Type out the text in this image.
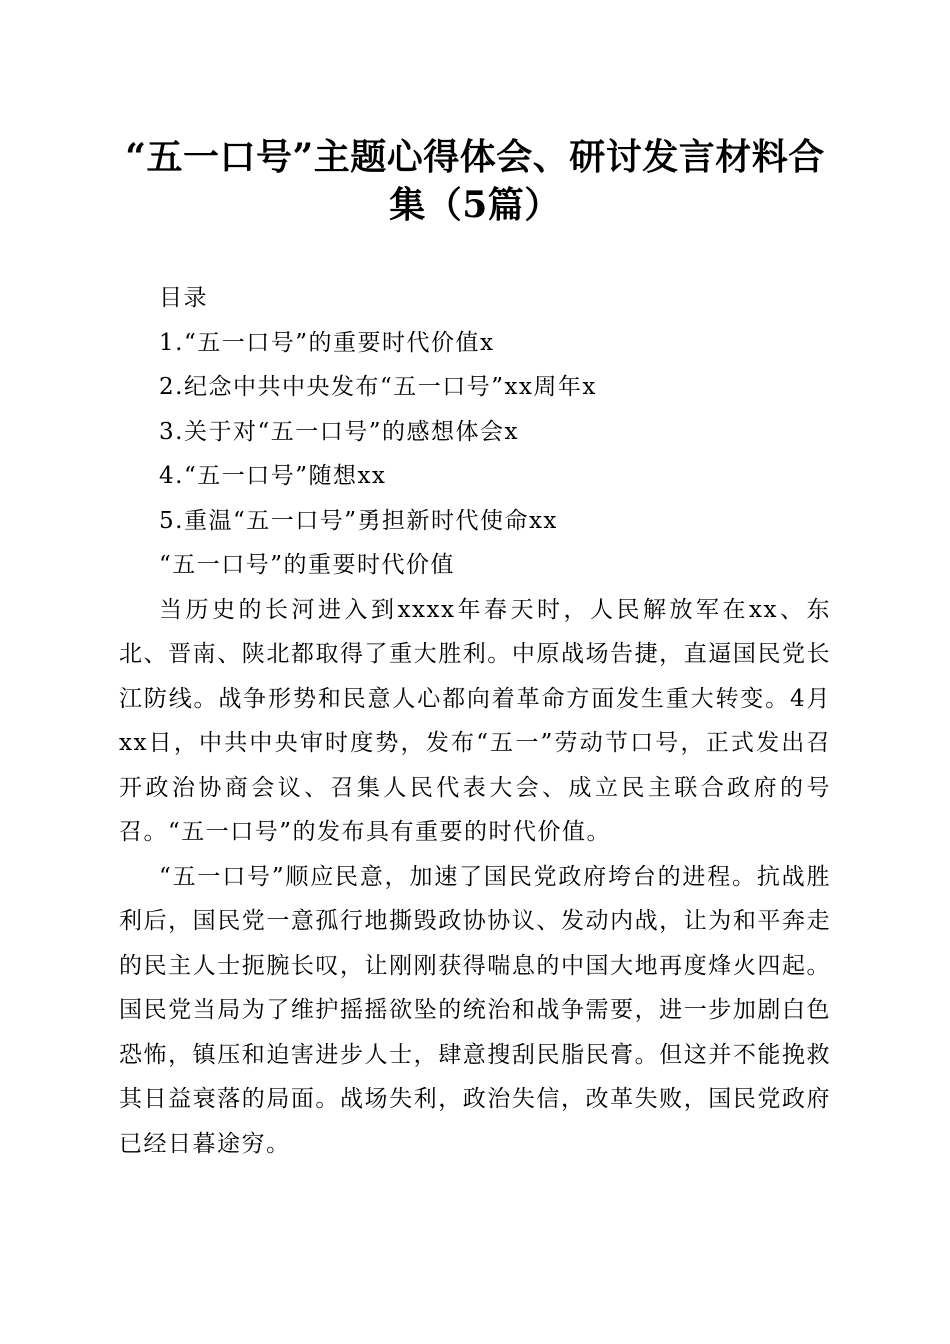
“五一口号”主题心得体会、研讨发言材料合集（5篇）
目录
1.“五一口号”的重要时代价值x
2.纪念中共中央发布“五一口号”xx周年x
3.关于对“五一口号”的感想体会x
4.“五一口号”随想xx
5.重温“五一口号”勇担新时代使命xx
“五一口号”的重要时代价值

当历史的长河进入到xxxx年春天时，人民解放军在xx、东北、晋南、陕北都取得了重大胜利。中原战场告捷，直逼国民党长江防线。战争形势和民意人心都向着革命方面发生重大转变。4月xx日，中共中央审时度势，发布“五一”劳动节口号，正式发出召开政治协商会议、召集人民代表大会、成立民主联合政府的号召。“五一口号”的发布具有重要的时代价值。

“五一口号”顺应民意，加速了国民党政府垮台的进程。抗战胜利后，国民党一意孤行地撕毁政协协议、发动内战，让为和平奔走的民主人士扼腕长叹，让刚刚获得喘息的中国大地再度烽火四起。国民党当局为了维护摇摇欲坠的统治和战争需要，进一步加剧白色恐怖，镇压和迫害进步人士，肆意搜刮民脂民膏。但这并不能挽救其日益衰落的局面。战场失利，政治失信，改革失败，国民党政府已经日暮途穷。
